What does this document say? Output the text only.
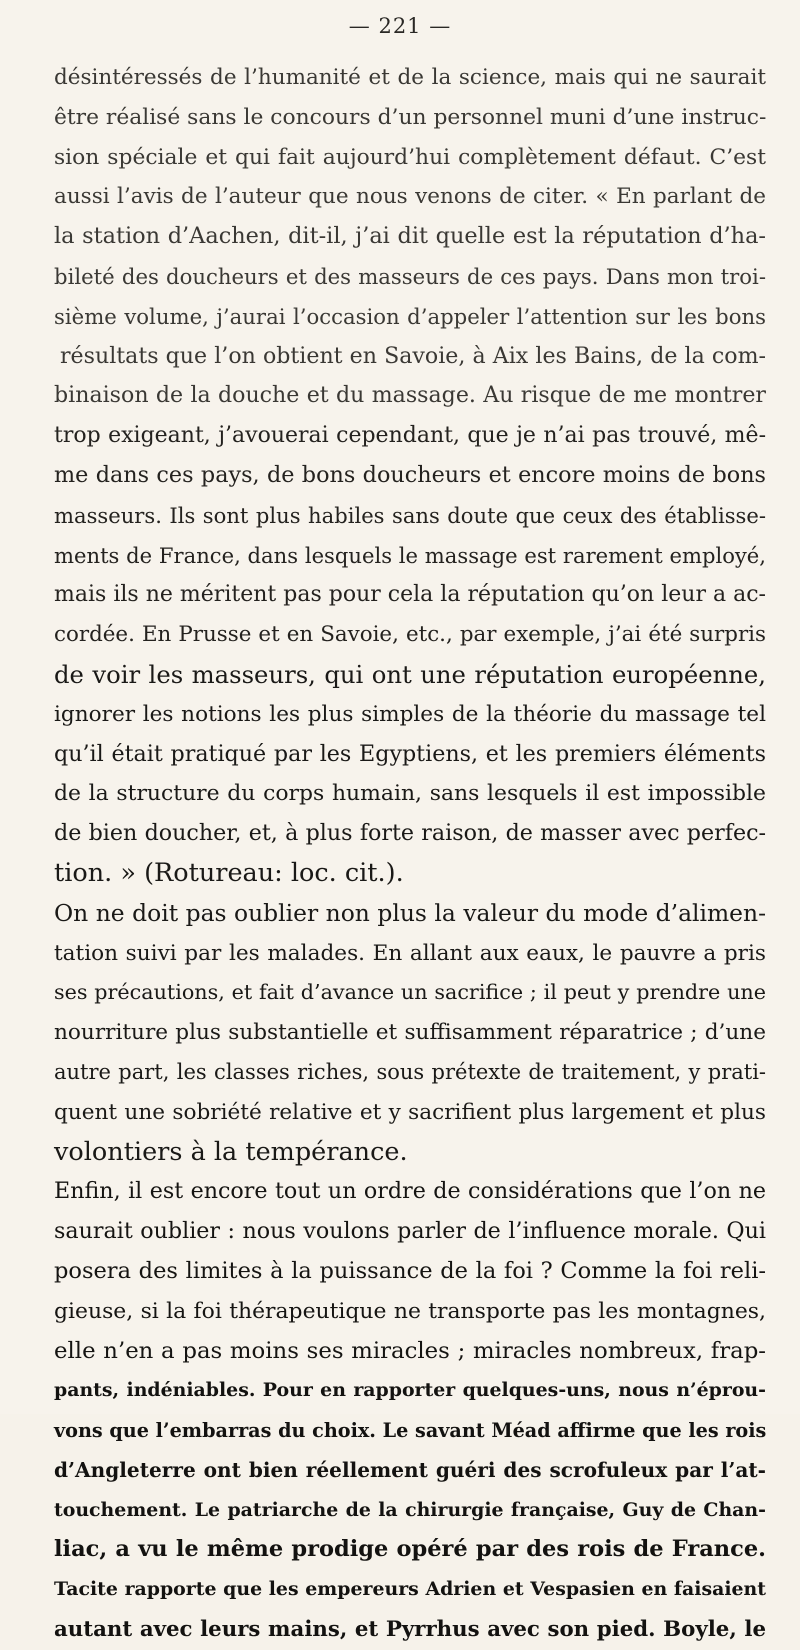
— 221 —
désintéressés de l’humanité et de la science, mais qui ne saurait
être réalisé sans le concours d’un personnel muni d’une instruc-
sion spéciale et qui fait aujourd’hui complètement défaut. C’est
aussi l’avis de l’auteur que nous venons de citer. « En parlant de
la station d’Aachen, dit-il, j’ai dit quelle est la réputation d’ha-
bileté des doucheurs et des masseurs de ces pays. Dans mon troi-
sième volume, j’aurai l’occasion d’appeler l’attention sur les bons
résultats que l’on obtient en Savoie, à Aix les Bains, de la com-
binaison de la douche et du massage. Au risque de me montrer
trop exigeant, j’avouerai cependant, que je n’ai pas trouvé, mê-
me dans ces pays, de bons doucheurs et encore moins de bons
masseurs. Ils sont plus habiles sans doute que ceux des établisse-
ments de France, dans lesquels le massage est rarement employé,
mais ils ne méritent pas pour cela la réputation qu’on leur a ac-
cordée. En Prusse et en Savoie, etc., par exemple, j’ai été surpris
de voir les masseurs, qui ont une réputation européenne,
ignorer les notions les plus simples de la théorie du massage tel
qu’il était pratiqué par les Egyptiens, et les premiers éléments
de la structure du corps humain, sans lesquels il est impossible
de bien doucher, et, à plus forte raison, de masser avec perfec-
tion. » (Rotureau: loc. cit.).
On ne doit pas oublier non plus la valeur du mode d’alimen-
tation suivi par les malades. En allant aux eaux, le pauvre a pris
ses précautions, et fait d’avance un sacrifice ; il peut y prendre une
nourriture plus substantielle et suffisamment réparatrice ; d’une
autre part, les classes riches, sous prétexte de traitement, y prati-
quent une sobriété relative et y sacrifient plus largement et plus
volontiers à la tempérance.
Enfin, il est encore tout un ordre de considérations que l’on ne
saurait oublier : nous voulons parler de l’influence morale. Qui
posera des limites à la puissance de la foi ? Comme la foi reli-
gieuse, si la foi thérapeutique ne transporte pas les montagnes,
elle n’en a pas moins ses miracles ; miracles nombreux, frap-
pants, indéniables. Pour en rapporter quelques-uns, nous n’éprou-
vons que l’embarras du choix. Le savant Méad affirme que les rois
d’Angleterre ont bien réellement guéri des scrofuleux par l’at-
touchement. Le patriarche de la chirurgie française, Guy de Chan-
liac, a vu le même prodige opéré par des rois de France.
Tacite rapporte que les empereurs Adrien et Vespasien en faisaient
autant avec leurs mains, et Pyrrhus avec son pied. Boyle, le
